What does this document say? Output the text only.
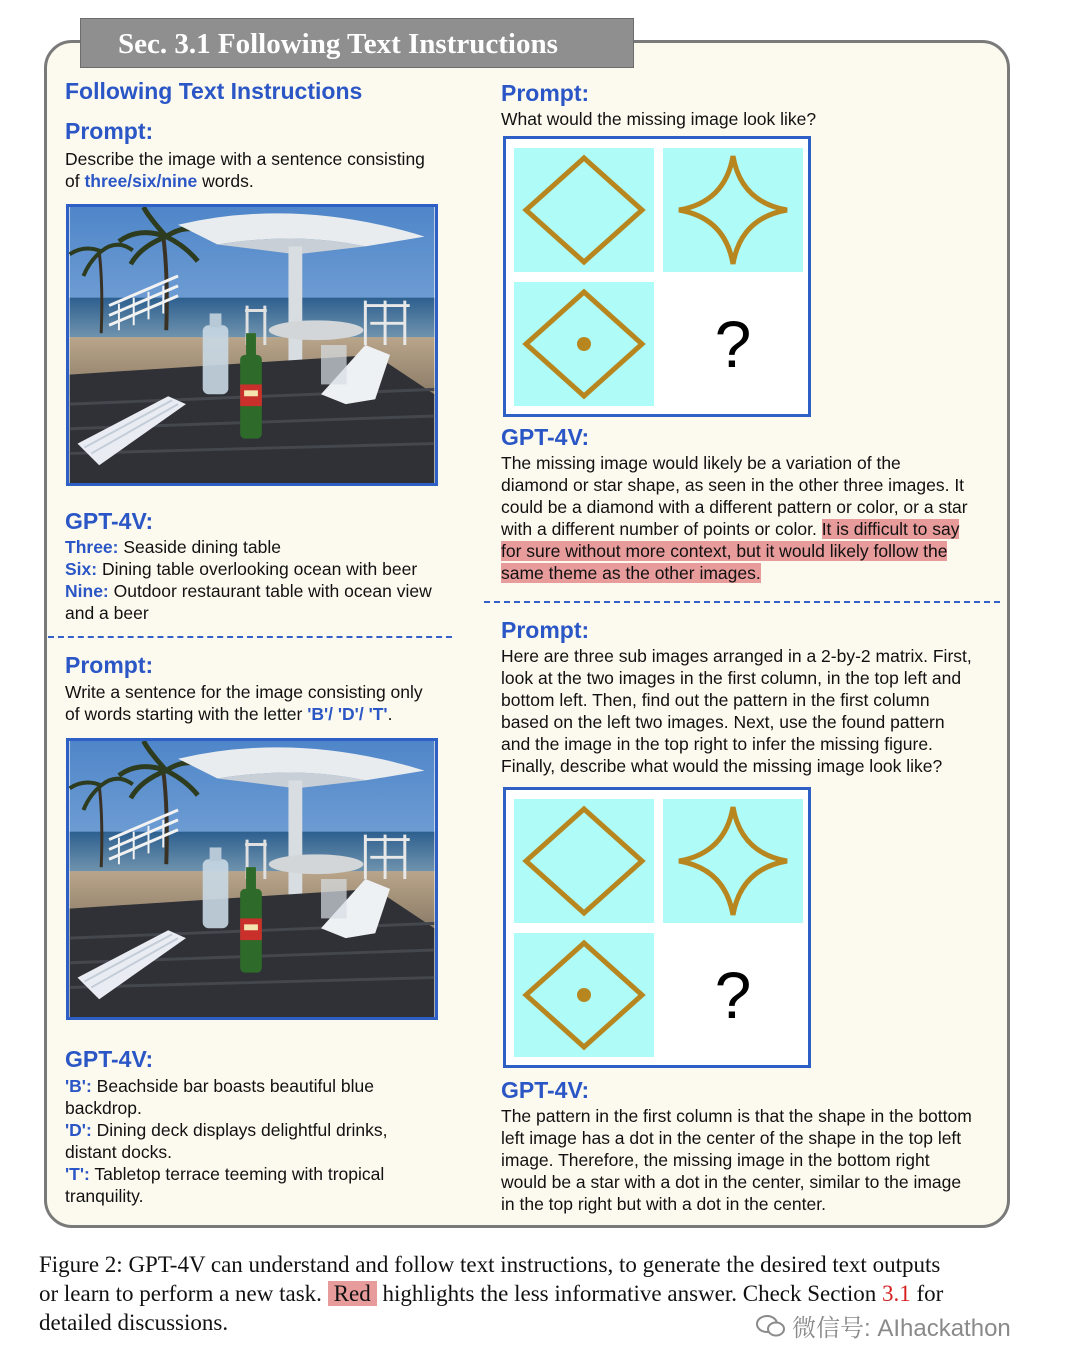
Sec. 3.1 Following Text Instructions
Following Text Instructions
Prompt:
Describe the image with a sentence consisting
of three/six/nine words.
GPT-4V:
Three: Seaside dining table
Six: Dining table overlooking ocean with beer
Nine: Outdoor restaurant table with ocean view
and a beer
Prompt:
Write a sentence for the image consisting only
of words starting with the letter 'B'/ 'D'/ 'T'.
GPT-4V:
'B': Beachside bar boasts beautiful blue
backdrop.
'D': Dining deck displays delightful drinks,
distant docks.
'T': Tabletop terrace teeming with tropical
tranquility.
Prompt:
What would the missing image look like?
?
GPT-4V:
The missing image would likely be a variation of the
diamond or star shape, as seen in the other three images. It
could be a diamond with a different pattern or color, or a star
with a different number of points or color. It is difficult to say
for sure without more context, but it would likely follow the
same theme as the other images.
Prompt:
Here are three sub images arranged in a 2-by-2 matrix. First,
look at the two images in the first column, in the top left and
bottom left. Then, find out the pattern in the first column
based on the left two images. Next, use the found pattern
and the image in the top right to infer the missing figure.
Finally, describe what would the missing image look like?
?
GPT-4V:
The pattern in the first column is that the shape in the bottom
left image has a dot in the center of the shape in the top left
image. Therefore, the missing image in the bottom right
would be a star with a dot in the center, similar to the image
in the top right but with a dot in the center.
Figure 2: GPT-4V can understand and follow text instructions, to generate the desired text outputs
or learn to perform a new task. Red highlights the less informative answer. Check Section 3.1 for
detailed discussions.	微信号: AIhackathon
